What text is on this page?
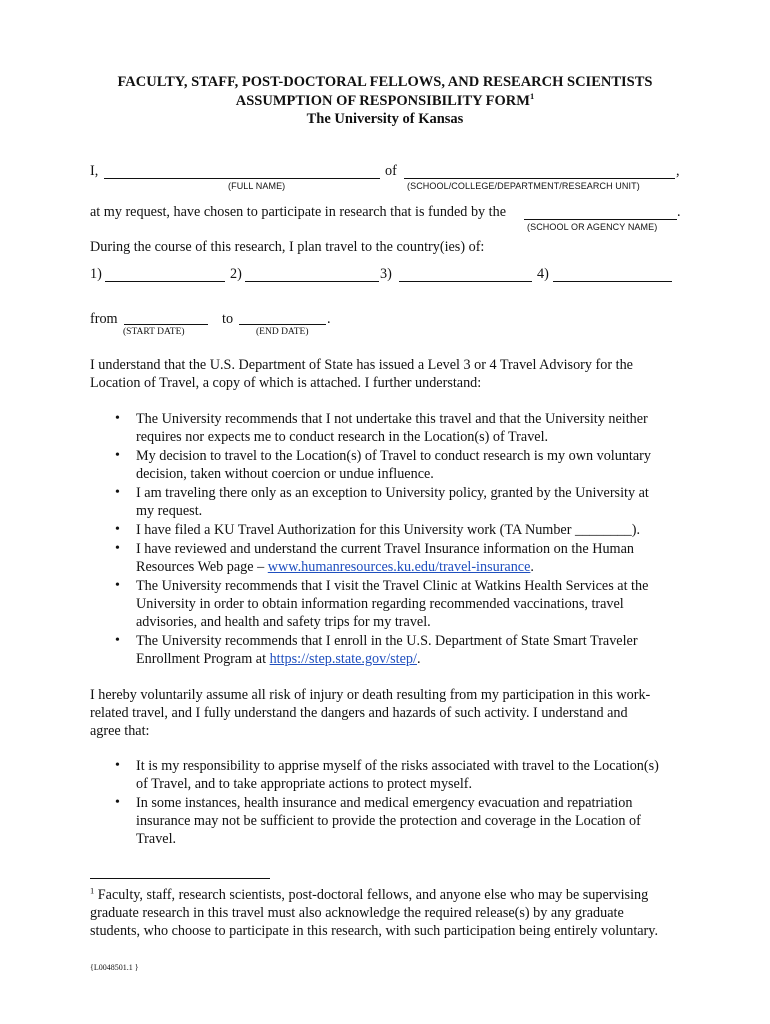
FACULTY, STAFF, POST-DOCTORAL FELLOWS, AND RESEARCH SCIENTISTS
ASSUMPTION OF RESPONSIBILITY FORM$^1$
The University of Kansas
I,	of	,
(FULL NAME)	(SCHOOL/COLLEGE/DEPARTMENT/RESEARCH UNIT)
at my request, have chosen to participate in research that is funded by the	.
(SCHOOL OR AGENCY NAME)
During the course of this research, I plan travel to the country(ies) of:
1)	2)	3)	4)
from	to	.
(START DATE)	(END DATE)
I understand that the U.S. Department of State has issued a Level 3 or 4 Travel Advisory for the
Location of Travel, a copy of which is attached. I further understand:
• The University recommends that I not undertake this travel and that the University neither
requires nor expects me to conduct research in the Location(s) of Travel.
• My decision to travel to the Location(s) of Travel to conduct research is my own voluntary
decision, taken without coercion or undue influence.
• I am traveling there only as an exception to University policy, granted by the University at
my request.
• I have filed a KU Travel Authorization for this University work (TA Number ________).
• I have reviewed and understand the current Travel Insurance information on the Human
Resources Web page – www.humanresources.ku.edu/travel-insurance.
• The University recommends that I visit the Travel Clinic at Watkins Health Services at the
University in order to obtain information regarding recommended vaccinations, travel
advisories, and health and safety trips for my travel.
• The University recommends that I enroll in the U.S. Department of State Smart Traveler
Enrollment Program at https://step.state.gov/step/.
I hereby voluntarily assume all risk of injury or death resulting from my participation in this work-
related travel, and I fully understand the dangers and hazards of such activity. I understand and
agree that:
• It is my responsibility to apprise myself of the risks associated with travel to the Location(s)
of Travel, and to take appropriate actions to protect myself.
• In some instances, health insurance and medical emergency evacuation and repatriation
insurance may not be sufficient to provide the protection and coverage in the Location of
Travel.
$^1$ Faculty, staff, research scientists, post-doctoral fellows, and anyone else who may be supervising
graduate research in this travel must also acknowledge the required release(s) by any graduate
students, who choose to participate in this research, with such participation being entirely voluntary.
{L0048501.1 }
